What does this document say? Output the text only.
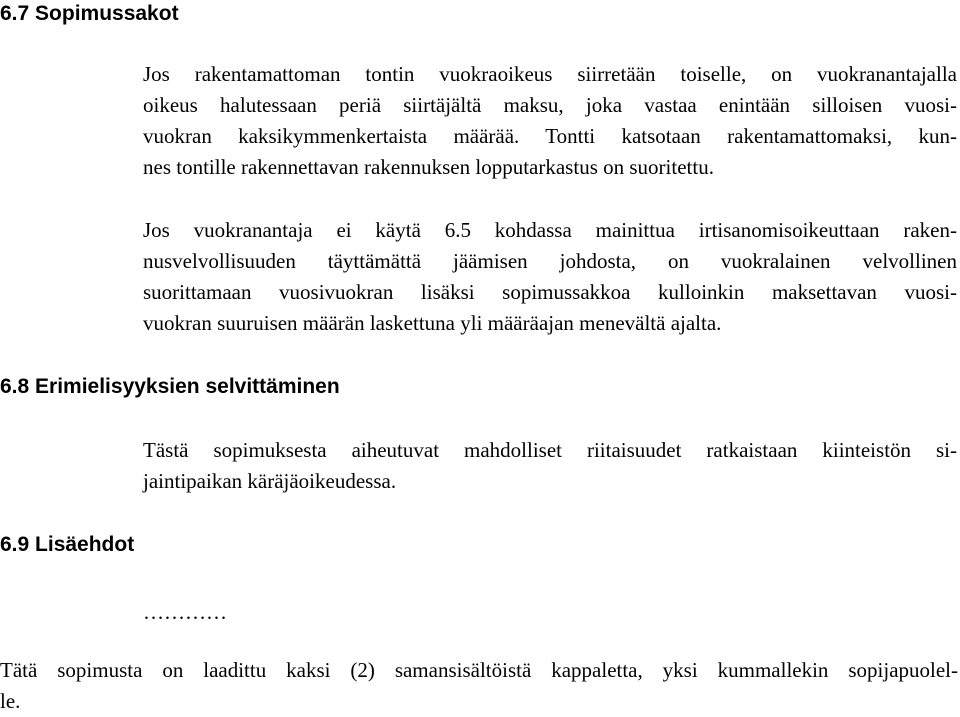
6.7 Sopimussakot
Jos rakentamattoman tontin vuokraoikeus siirretään toiselle, on vuokranantajalla
oikeus halutessaan periä siirtäjältä maksu, joka vastaa enintään silloisen vuosi-
vuokran kaksikymmenkertaista määrää. Tontti katsotaan rakentamattomaksi, kun-
nes tontille rakennettavan rakennuksen lopputarkastus on suoritettu.
Jos vuokranantaja ei käytä 6.5 kohdassa mainittua irtisanomisoikeuttaan raken-
nusvelvollisuuden täyttämättä jäämisen johdosta, on vuokralainen velvollinen
suorittamaan vuosivuokran lisäksi sopimussakkoa kulloinkin maksettavan vuosi-
vuokran suuruisen määrän laskettuna yli määräajan menevältä ajalta.
6.8 Erimielisyyksien selvittäminen
Tästä sopimuksesta aiheutuvat mahdolliset riitaisuudet ratkaistaan kiinteistön si-
jaintipaikan käräjäoikeudessa.
6.9 Lisäehdot
…………
Tätä sopimusta on laadittu kaksi (2) samansisältöistä kappaletta, yksi kummallekin sopijapuolel-
le.
